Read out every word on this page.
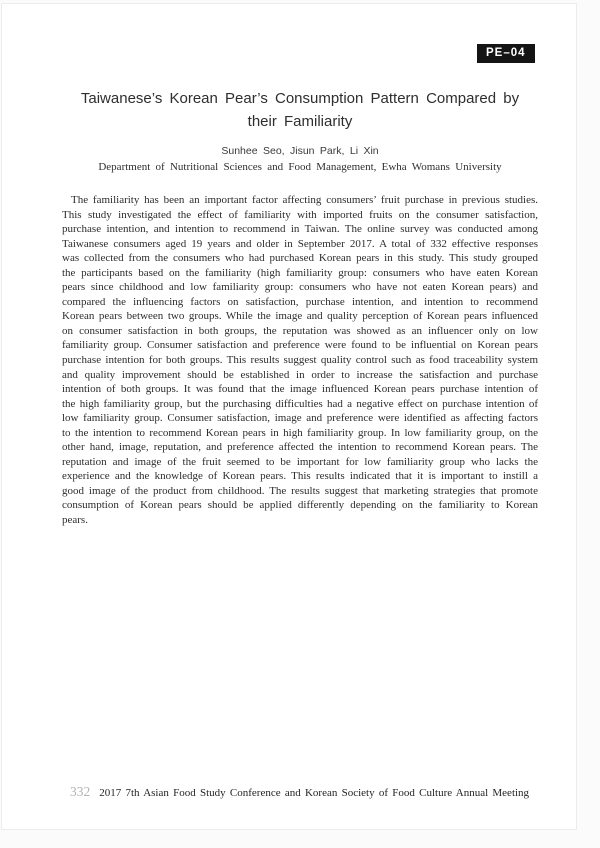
PE–04
Taiwanese’s Korean Pear’s Consumption Pattern Compared by their Familiarity
Sunhee Seo, Jisun Park, Li Xin
Department of Nutritional Sciences and Food Management, Ewha Womans University

The familiarity has been an important factor affecting consumers’ fruit purchase in previous studies. This study investigated the effect of familiarity with imported fruits on the consumer satisfaction, purchase intention, and intention to recommend in Taiwan. The online survey was conducted among Taiwanese consumers aged 19 years and older in September 2017. A total of 332 effective responses was collected from the consumers who had purchased Korean pears in this study. This study grouped the participants based on the familiarity (high familiarity group: consumers who have eaten Korean pears since childhood and low familiarity group: consumers who have not eaten Korean pears) and compared the influencing factors on satisfaction, purchase intention, and intention to recommend Korean pears between two groups. While the image and quality perception of Korean pears influenced on consumer satisfaction in both groups, the reputation was showed as an influencer only on low familiarity group. Consumer satisfaction and preference were found to be influential on Korean pears purchase intention for both groups. This results suggest quality control such as food traceability system and quality improvement should be established in order to increase the satisfaction and purchase intention of both groups. It was found that the image influenced Korean pears purchase intention of the high familiarity group, but the purchasing difficulties had a negative effect on purchase intention of low familiarity group. Consumer satisfaction, image and preference were identified as affecting factors to the intention to recommend Korean pears in high familiarity group. In low familiarity group, on the other hand, image, reputation, and preference affected the intention to recommend Korean pears. The reputation and image of the fruit seemed to be important for low familiarity group who lacks the experience and the knowledge of Korean pears. This results indicated that it is important to instill a good image of the product from childhood. The results suggest that marketing strategies that promote consumption of Korean pears should be applied differently depending on the familiarity to Korean pears.

332 2017 7th Asian Food Study Conference and Korean Society of Food Culture Annual Meeting
